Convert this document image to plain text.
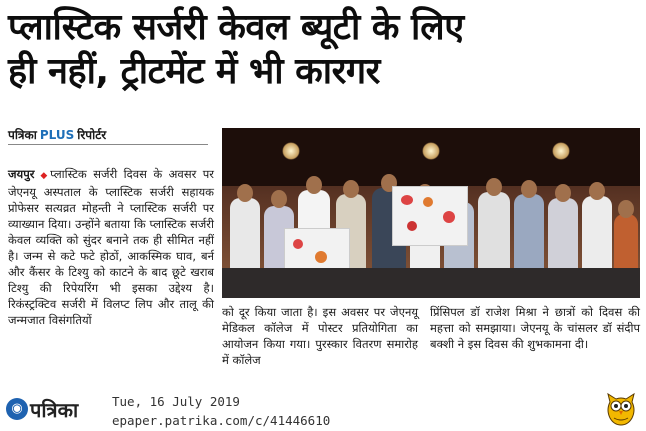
प्लास्टिक सर्जरी केवल ब्यूटी के लिए
ही नहीं, ट्रीटमेंट में भी कारगर
पत्रिका PLUS रिपोर्टर
जयपुर ◆ प्लास्टिक सर्जरी दिवस के अवसर पर जेएनयू अस्पताल के प्लास्टिक सर्जरी सहायक प्रोफेसर सत्यव्रत मोहन्ती ने प्लास्टिक सर्जरी पर व्याख्यान दिया। उन्होंने बताया कि प्लास्टिक सर्जरी केवल व्यक्ति को सुंदर बनाने तक ही सीमित नहीं है। जन्म से कटे फटे होठों, आकस्मिक घाव, बर्न और कैंसर के टिश्यु को काटने के बाद छूटे खराब टिश्यु की रिपेयरिंग भी इसका उद्देश्य है। रिकंस्ट्रक्टिव सर्जरी में विलप्ट लिप और तालू की जन्मजात विसंगतियों
को दूर किया जाता है। इस अवसर पर जेएनयू मेडिकल कॉलेज में पोस्टर प्रतियोगिता का आयोजन किया गया। पुरस्कार वितरण समारोह में कॉलेज
प्रिंसिपल डॉ राजेश मिश्रा ने छात्रों को दिवस की महत्ता को समझाया। जेएनयू के चांसलर डॉ संदीप बक्शी ने इस दिवस की शुभकामना दी।
◉ पत्रिका	Tue, 16 July 2019
epaper.patrika.com/c/41446610
